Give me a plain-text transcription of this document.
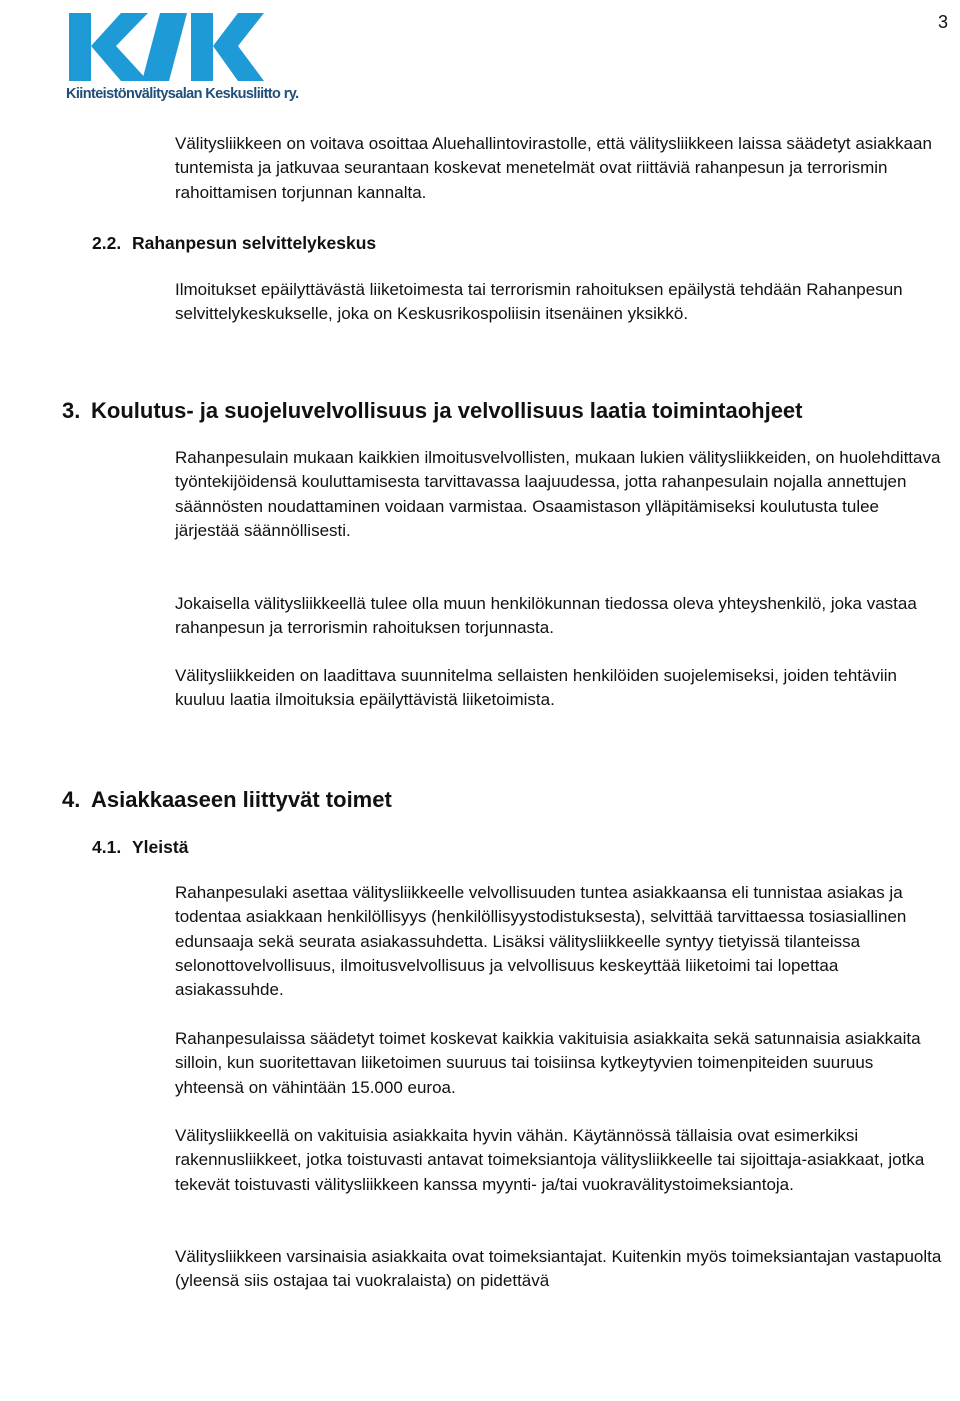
3
Kiinteistönvälitysalan Keskusliitto ry.
Välitysliikkeen on voitava osoittaa Aluehallintovirastolle, että välitysliikkeen laissa säädetyt asiakkaan tuntemista ja jatkuvaa seurantaan koskevat menetelmät ovat riittäviä rahanpesun ja terrorismin rahoittamisen torjunnan kannalta.
2.2. Rahanpesun selvittelykeskus
Ilmoitukset epäilyttävästä liiketoimesta tai terrorismin rahoituksen epäilystä tehdään Rahanpesun selvittelykeskukselle, joka on Keskusrikospoliisin itsenäinen yksikkö.
3. Koulutus- ja suojeluvelvollisuus ja velvollisuus laatia toimintaohjeet
Rahanpesulain mukaan kaikkien ilmoitusvelvollisten, mukaan lukien välitysliikkeiden, on huolehdittava työntekijöidensä kouluttamisesta tarvittavassa laajuudessa, jotta rahanpesulain nojalla annettujen säännösten noudattaminen voidaan varmistaa. Osaamistason ylläpitämiseksi koulutusta tulee järjestää säännöllisesti.
Jokaisella välitysliikkeellä tulee olla muun henkilökunnan tiedossa oleva yhteyshenkilö, joka vastaa rahanpesun ja terrorismin rahoituksen torjunnasta.
Välitysliikkeiden on laadittava suunnitelma sellaisten henkilöiden suojelemiseksi, joiden tehtäviin kuuluu laatia ilmoituksia epäilyttävistä liiketoimista.
4. Asiakkaaseen liittyvät toimet
4.1. Yleistä
Rahanpesulaki asettaa välitysliikkeelle velvollisuuden tuntea asiakkaansa eli tunnistaa asiakas ja todentaa asiakkaan henkilöllisyys (henkilöllisyystodistuksesta), selvittää tarvittaessa tosiasiallinen edunsaaja sekä seurata asiakassuhdetta. Lisäksi välitysliikkeelle syntyy tietyissä tilanteissa selonottovelvollisuus, ilmoitusvelvollisuus ja velvollisuus keskeyttää liiketoimi tai lopettaa asiakassuhde.
Rahanpesulaissa säädetyt toimet koskevat kaikkia vakituisia asiakkaita sekä satunnaisia asiakkaita silloin, kun suoritettavan liiketoimen suuruus tai toisiinsa kytkeytyvien toimenpiteiden suuruus yhteensä on vähintään 15.000 euroa.
Välitysliikkeellä on vakituisia asiakkaita hyvin vähän. Käytännössä tällaisia ovat esimerkiksi rakennusliikkeet, jotka toistuvasti antavat toimeksiantoja välitysliikkeelle tai sijoittaja-asiakkaat, jotka tekevät toistuvasti välitysliikkeen kanssa myynti- ja/tai vuokravälitystoimeksiantoja.
Välitysliikkeen varsinaisia asiakkaita ovat toimeksiantajat. Kuitenkin myös toimeksiantajan vastapuolta (yleensä siis ostajaa tai vuokralaista) on pidettävä
